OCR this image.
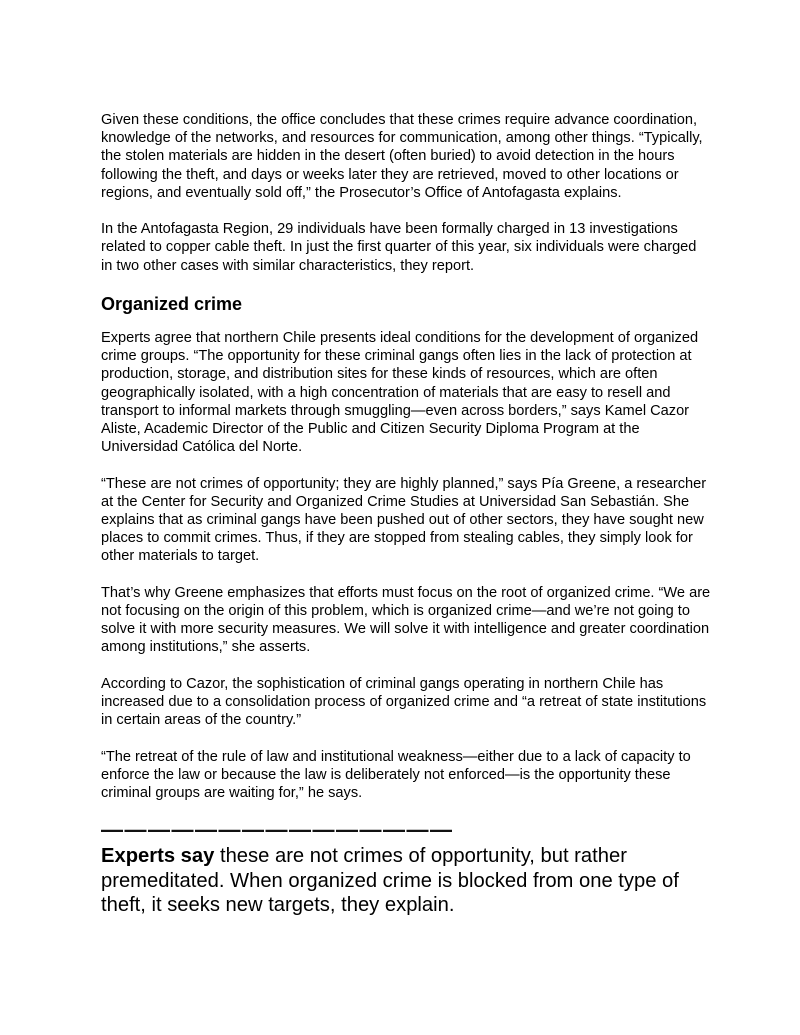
Given these conditions, the office concludes that these crimes require advance coordination, knowledge of the networks, and resources for communication, among other things. “Typically, the stolen materials are hidden in the desert (often buried) to avoid detection in the hours following the theft, and days or weeks later they are retrieved, moved to other locations or regions, and eventually sold off,” the Prosecutor’s Office of Antofagasta explains.

In the Antofagasta Region, 29 individuals have been formally charged in 13 investigations related to copper cable theft. In just the first quarter of this year, six individuals were charged in two other cases with similar characteristics, they report.

Organized crime

Experts agree that northern Chile presents ideal conditions for the development of organized crime groups. “The opportunity for these criminal gangs often lies in the lack of protection at production, storage, and distribution sites for these kinds of resources, which are often geographically isolated, with a high concentration of materials that are easy to resell and transport to informal markets through smuggling—even across borders,” says Kamel Cazor Aliste, Academic Director of the Public and Citizen Security Diploma Program at the Universidad Católica del Norte.

“These are not crimes of opportunity; they are highly planned,” says Pía Greene, a researcher at the Center for Security and Organized Crime Studies at Universidad San Sebastián. She explains that as criminal gangs have been pushed out of other sectors, they have sought new places to commit crimes. Thus, if they are stopped from stealing cables, they simply look for other materials to target.

That’s why Greene emphasizes that efforts must focus on the root of organized crime. “We are not focusing on the origin of this problem, which is organized crime—and we’re not going to solve it with more security measures. We will solve it with intelligence and greater coordination among institutions,” she asserts.

According to Cazor, the sophistication of criminal gangs operating in northern Chile has increased due to a consolidation process of organized crime and “a retreat of state institutions in certain areas of the country.”

“The retreat of the rule of law and institutional weakness—either due to a lack of capacity to enforce the law or because the law is deliberately not enforced—is the opportunity these criminal groups are waiting for,” he says.

———————————————

Experts say these are not crimes of opportunity, but rather premeditated. When organized crime is blocked from one type of theft, it seeks new targets, they explain.
